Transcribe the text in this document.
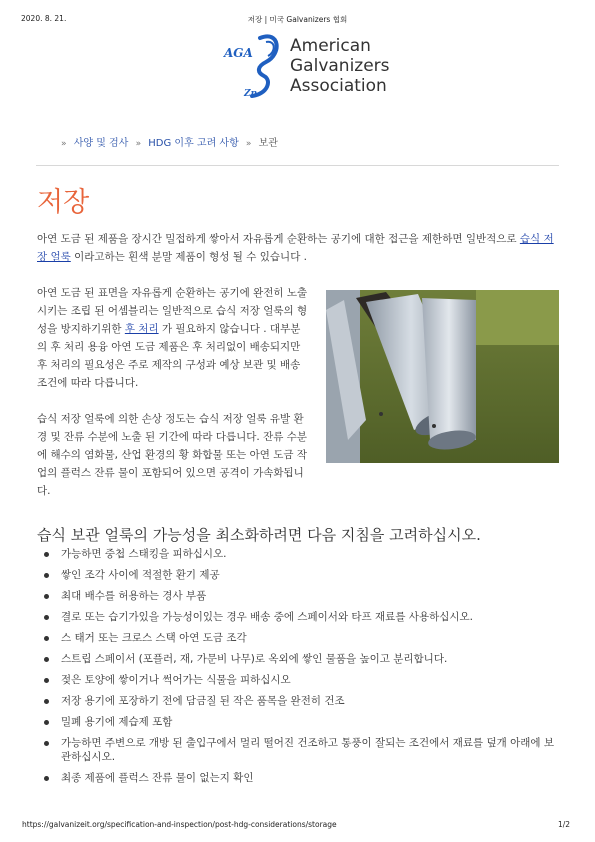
2020. 8. 21.	저장 | 미국 Galvanizers 협회
AGA
Zn
American
Galvanizers
Association
» 사양 및 검사 » HDG 이후 고려 사항 » 보관
저장
아연 도금 된 제품을 장시간 밀접하게 쌓아서 자유롭게 순환하는 공기에 대한 접근을 제한하면 일반적으로 습식 저장 얼룩 이라고하는 흰색 분말 제품이 형성 될 수 있습니다 .

아연 도금 된 표면을 자유롭게 순환하는 공기에 완전히 노출시키는 조립 된 어셈블리는 일반적으로 습식 저장 얼룩의 형성을 방지하기위한 후 처리 가 필요하지 않습니다 . 대부분의 후 처리 용융 아연 도금 제품은 후 처리없이 배송되지만 후 처리의 필요성은 주로 제작의 구성과 예상 보관 및 배송 조건에 따라 다릅니다.

습식 저장 얼룩에 의한 손상 정도는 습식 저장 얼룩 유발 환경 및 잔류 수분에 노출 된 기간에 따라 다릅니다. 잔류 수분에 해수의 염화물, 산업 환경의 황 화합물 또는 아연 도금 작업의 플럭스 잔류 물이 포함되어 있으면 공격이 가속화됩니다.

습식 보관 얼룩의 가능성을 최소화하려면 다음 지침을 고려하십시오.
가능하면 중첩 스태킹을 피하십시오.
쌓인 조각 사이에 적절한 환기 제공
최대 배수를 허용하는 경사 부품
결로 또는 습기가있을 가능성이있는 경우 배송 중에 스페이서와 타프 재료를 사용하십시오.
스 태거 또는 크로스 스택 아연 도금 조각
스트립 스페이서 (포플러, 재, 가문비 나무)로 옥외에 쌓인 물품을 높이고 분리합니다.
젖은 토양에 쌓이거나 썩어가는 식물을 피하십시오
저장 용기에 포장하기 전에 담금질 된 작은 품목을 완전히 건조
밀폐 용기에 제습제 포함
가능하면 주변으로 개방 된 출입구에서 멀리 떨어진 건조하고 통풍이 잘되는 조건에서 재료를 덮개 아래에 보관하십시오.
최종 제품에 플럭스 잔류 물이 없는지 확인
https://galvanizeit.org/specification-and-inspection/post-hdg-considerations/storage	1/2
